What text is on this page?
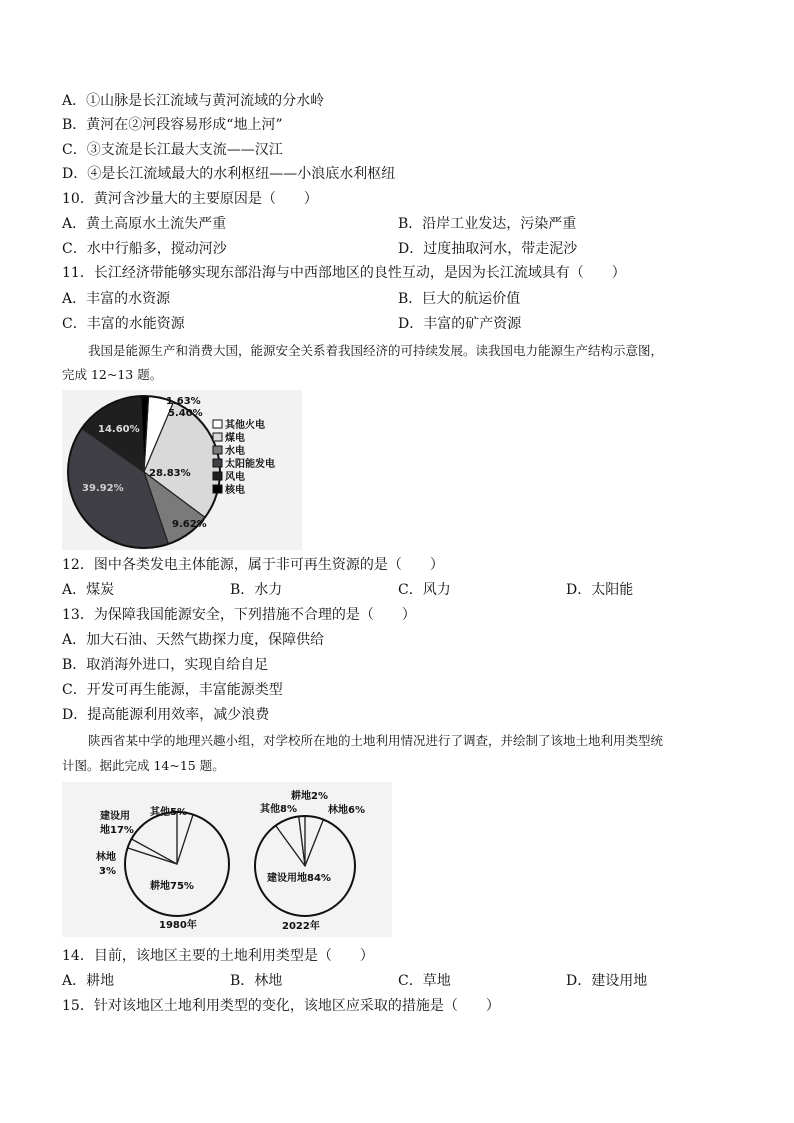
A．①山脉是长江流域与黄河流域的分水岭
B．黄河在②河段容易形成“地上河”
C．③支流是长江最大支流——汉江
D．④是长江流域最大的水利枢纽——小浪底水利枢纽
10．黄河含沙量大的主要原因是（　　）
A．黄土高原水土流失严重	B．沿岸工业发达，污染严重
C．水中行船多，搅动河沙	D．过度抽取河水，带走泥沙
11．长江经济带能够实现东部沿海与中西部地区的良性互动，是因为长江流域具有（　　）
A．丰富的水资源	B．巨大的航运价值
C．丰富的水能资源	D．丰富的矿产资源
我国是能源生产和消费大国，能源安全关系着我国经济的可持续发展。读我国电力能源生产结构示意图，
完成 12~13 题。
1.63%
5.40%
28.83%
9.62%
39.92%
14.60%	其他火电
煤电
水电
太阳能发电
风电
核电
12．图中各类发电主体能源，属于非可再生资源的是（　　）
A．煤炭	B．水力	C．风力	D．太阳能
13．为保障我国能源安全，下列措施不合理的是（　　）
A．加大石油、天然气勘探力度，保障供给
B．取消海外进口，实现自给自足
C．开发可再生能源，丰富能源类型
D．提高能源利用效率，减少浪费
陕西省某中学的地理兴趣小组，对学校所在地的土地利用情况进行了调查，并绘制了该地土地利用类型统
计图。据此完成 14~15 题。
其他5%
建设用
地17%
林地
3%
耕地75%
1980年
耕地2%
其他8%	林地6%
建设用地84%
2022年
14．目前，该地区主要的土地利用类型是（　　）
A．耕地	B．林地	C．草地	D．建设用地
15．针对该地区土地利用类型的变化，该地区应采取的措施是（　　）
